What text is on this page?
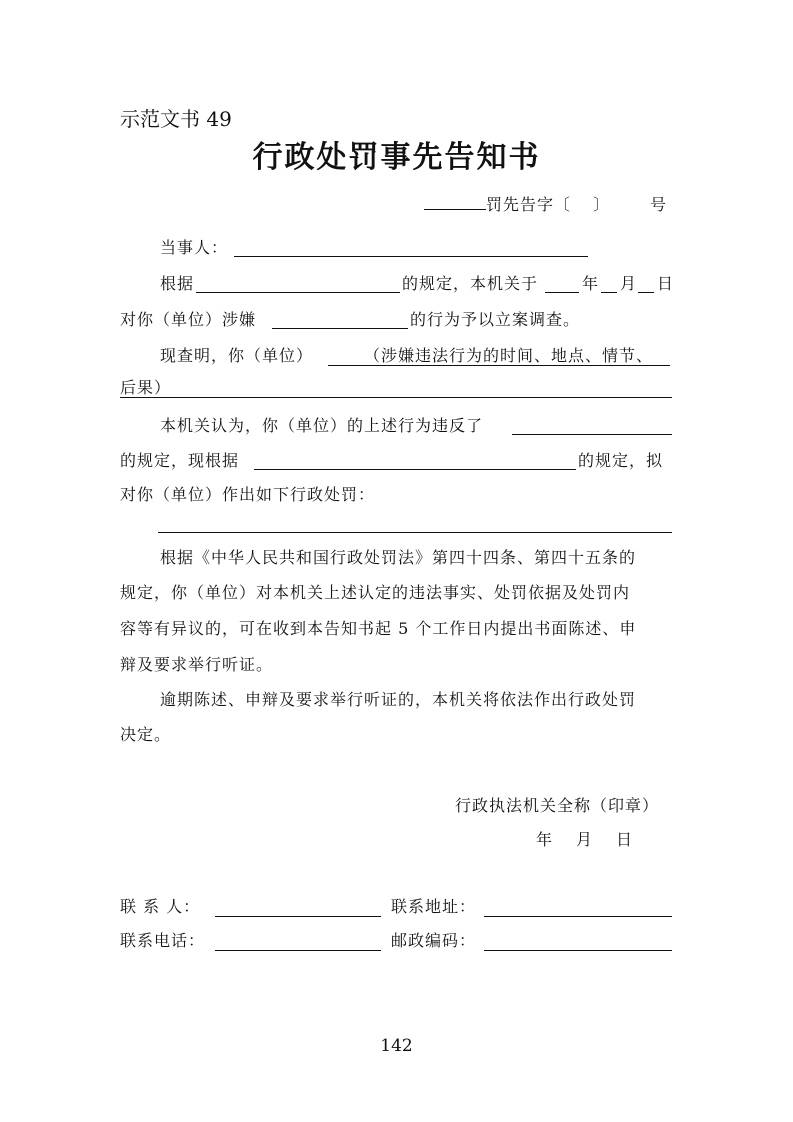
示范文书 49
行政处罚事先告知书
罚先告字〔 〕	号
当事人：
根据	的规定，本机关于	年 月 日
对你（单位）涉嫌	的行为予以立案调查。
现查明，你（单位）	（涉嫌违法行为的时间、地点、情节、
后果）
本机关认为，你（单位）的上述行为违反了
的规定，现根据	的规定，拟
对你（单位）作出如下行政处罚：
根据《中华人民共和国行政处罚法》第四十四条、第四十五条的
规定，你（单位）对本机关上述认定的违法事实、处罚依据及处罚内
容等有异议的，可在收到本告知书起 5 个工作日内提出书面陈述、申
辩及要求举行听证。
逾期陈述、申辩及要求举行听证的，本机关将依法作出行政处罚
决定。
行政执法机关全称（印章）
年　月　日
联 系 人：	联系地址：
联系电话：	邮政编码：
142
